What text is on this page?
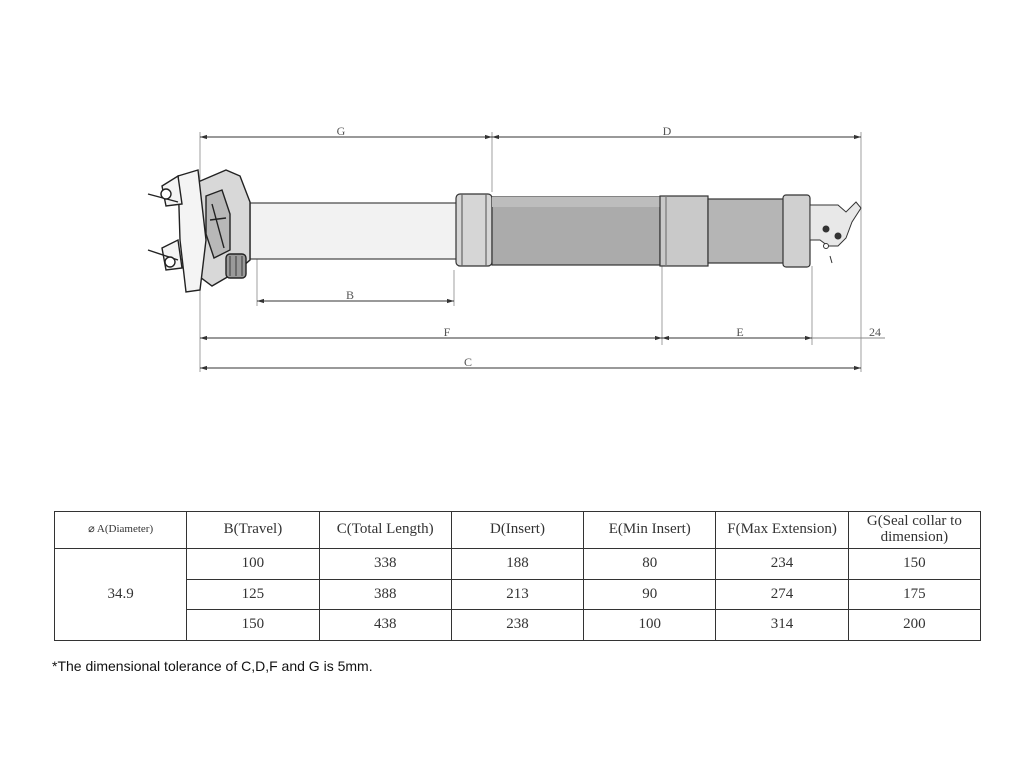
G	D
B
F	E	24
C
⌀ A(Diameter)	B(Travel)	C(Total Length)	D(Insert)	E(Min Insert)	F(Max Extension)	G(Seal collar to dimension)
34.9	100	338	188	80	234	150
	125	388	213	90	274	175
	150	438	238	100	314	200
*The dimensional tolerance of C,D,F and G is 5mm.
